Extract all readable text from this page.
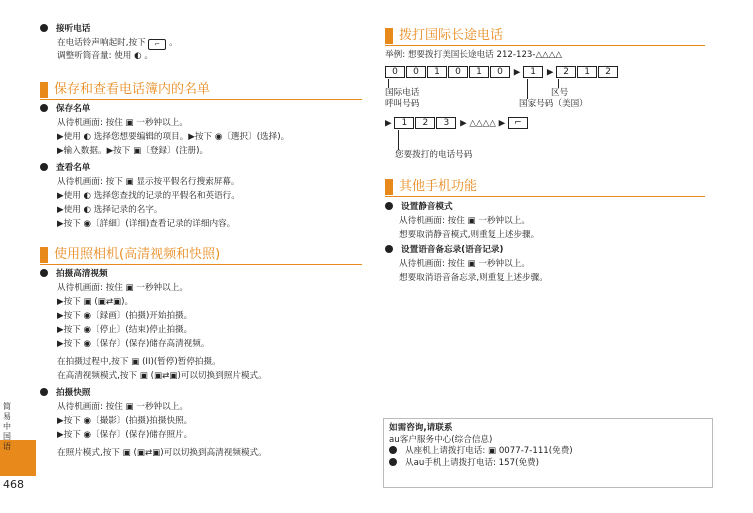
简易中国语
468
接听电话
在电话铃声响起时,按下 ⌐ 。
调整听筒音量: 使用 ◐ 。
保存和查看电话簿内的名单
保存名单
从待机画面: 按住 ▣ 一秒钟以上。
▶使用 ◐ 选择您想要编辑的项目。▶按下 ◉〔選択〕(选择)。
▶输入数据。▶按下 ▣〔登録〕(注册)。
查看名单
从待机画面: 按下 ▣ 显示按平假名行搜索屏幕。
▶使用 ◐ 选择您查找的记录的平假名和英语行。
▶使用 ◐ 选择记录的名字。
▶按下 ◉〔詳細〕(详细)查看记录的详细内容。
使用照相机(高清视频和快照)
拍摄高清视频
从待机画面: 按住 ▣ 一秒钟以上。
▶按下 ▣ (▣⇄▣)。
▶按下 ◉〔録画〕(拍摄)开始拍摄。
▶按下 ◉〔停止〕(结束)停止拍摄。
▶按下 ◉〔保存〕(保存)储存高清视频。
在拍摄过程中,按下 ▣ (II)(暂停)暂停拍摄。
在高清视频模式,按下 ▣ (▣⇄▣)可以切换到照片模式。
拍摄快照
从待机画面: 按住 ▣ 一秒钟以上。
▶按下 ◉〔撮影〕(拍摄)拍摄快照。
▶按下 ◉〔保存〕(保存)储存照片。
在照片模式,按下 ▣ (▣⇄▣)可以切换到高清视频模式。
拨打国际长途电话
举例: 想要拨打美国长途电话 212-123-△△△△
0 0 1 0 1 0 ▶ 1 ▶ 2 1 2
国际电话
呼叫号码
区号
国家号码（美国）
▶ 1 2 3 ▶ △△△△ ▶ ⌐
您要拨打的电话号码
其他手机功能
设置静音模式
从待机画面: 按住 ▣ 一秒钟以上。
想要取消静音模式,则重复上述步骤。
设置语音备忘录(语音记录)
从待机画面: 按住 ▣ 一秒钟以上。
想要取消语音备忘录,则重复上述步骤。
如需咨询,请联系
au客户服务中心(综合信息)
从座机上请拨打电话: ▣ 0077-7-111(免费)
从au手机上请拨打电话: 157(免费)
